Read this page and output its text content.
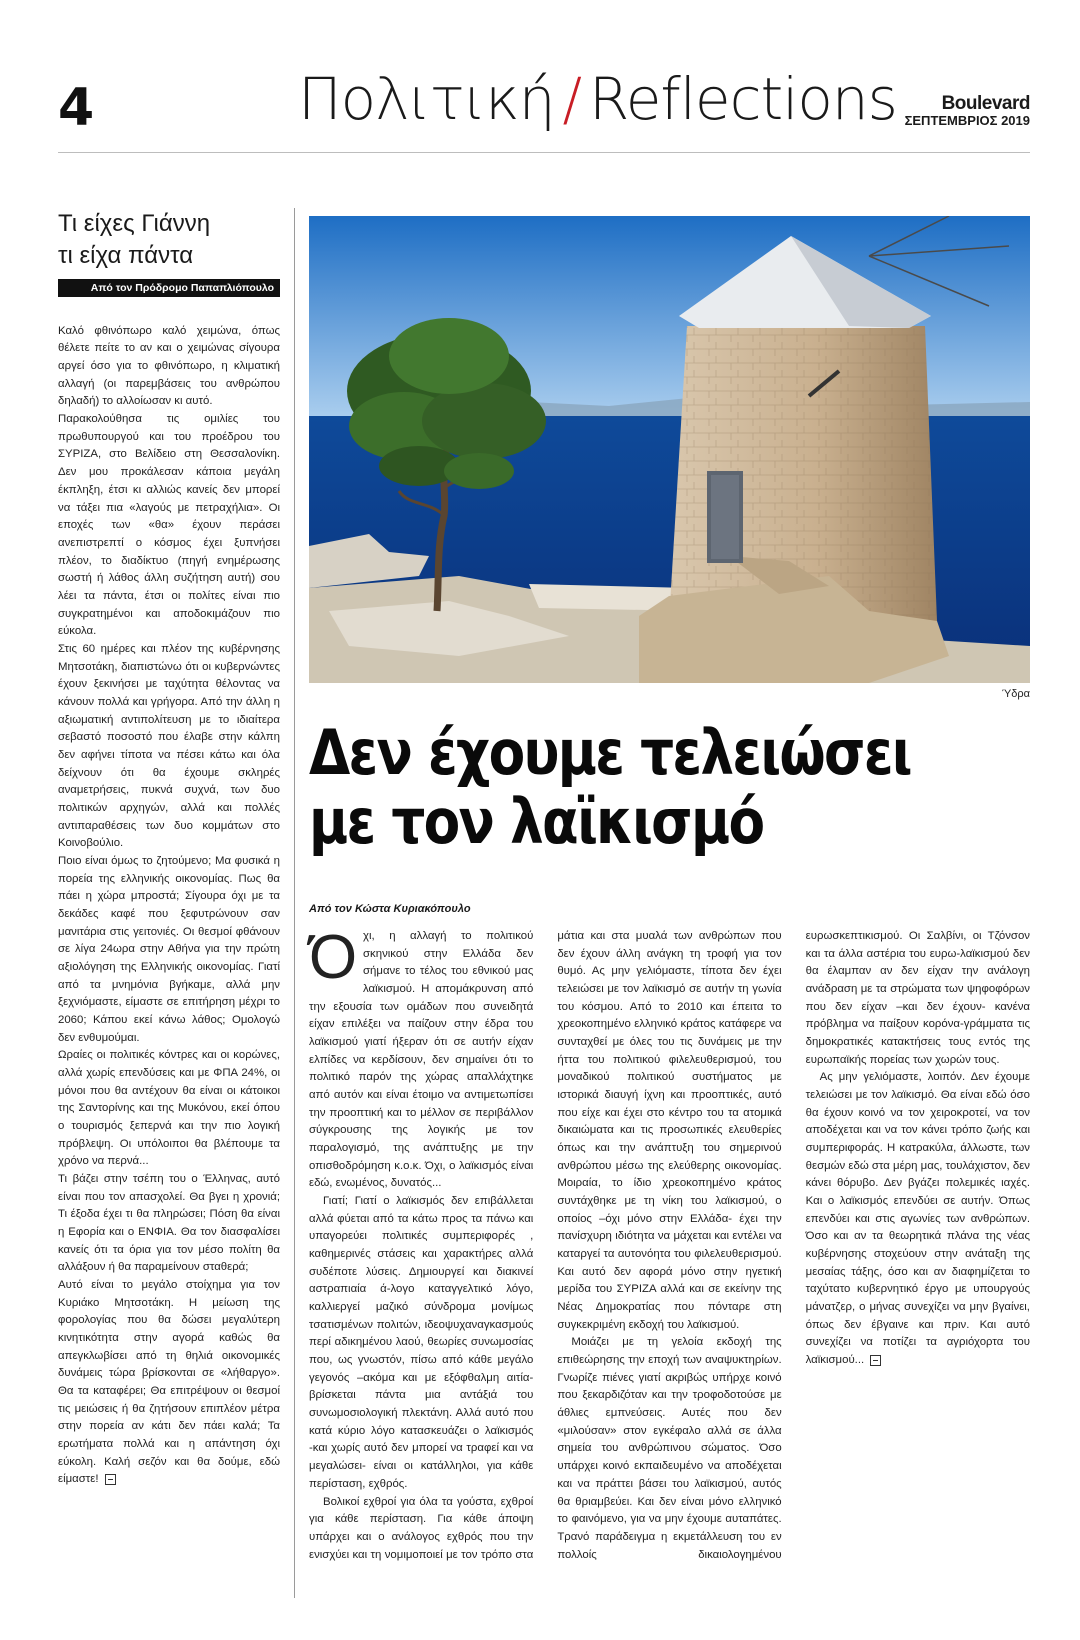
4	Πολιτική / Reflections	Boulevard
ΣΕΠΤΕΜΒΡΙΟΣ 2019
Τι είχες Γιάννη
τι είχα πάντα
Από τον Πρόδρομο Παπαπλιόπουλο

Καλό φθινόπωρο καλό χειμώνα, όπως θέλετε πείτε το αν και ο χειμώνας σίγουρα αργεί όσο για το φθινόπωρο, η κλιματική αλλαγή (οι παρεμβάσεις του ανθρώπου δηλαδή) το αλλοίωσαν κι αυτό.

Παρακολούθησα τις ομιλίες του πρωθυπουργού και του προέδρου του ΣΥΡΙΖΑ, στο Βελίδειο στη Θεσσαλονίκη. Δεν μου προκάλεσαν κάποια μεγάλη έκπληξη, έτσι κι αλλιώς κανείς δεν μπορεί να τάξει πια «λαγούς με πετραχήλια». Οι εποχές των «θα» έχουν περάσει ανεπιστρεπτί ο κόσμος έχει ξυπνήσει πλέον, το διαδίκτυο (πηγή ενημέρωσης σωστή ή λάθος άλλη συζήτηση αυτή) σου λέει τα πάντα, έτσι οι πολίτες είναι πιο συγκρατημένοι και αποδοκιμάζουν πιο εύκολα.

Στις 60 ημέρες και πλέον της κυβέρνησης Μητσοτάκη, διαπιστώνω ότι οι κυβερνώντες έχουν ξεκινήσει με ταχύτητα θέλοντας να κάνουν πολλά και γρήγορα. Από την άλλη η αξιωματική αντιπολίτευση με το ιδιαίτερα σεβαστό ποσοστό που έλαβε στην κάλπη δεν αφήνει τίποτα να πέσει κάτω και όλα δείχνουν ότι θα έχουμε σκληρές αναμετρήσεις, πυκνά συχνά, των δυο πολιτικών αρχηγών, αλλά και πολλές αντιπαραθέσεις των δυο κομμάτων στο Κοινοβούλιο.

Ποιο είναι όμως το ζητούμενο; Μα φυσικά η πορεία της ελληνικής οικονομίας. Πως θα πάει η χώρα μπροστά; Σίγουρα όχι με τα δεκάδες καφέ που ξεφυτρώνουν σαν μανιτάρια στις γειτονιές. Οι θεσμοί φθάνουν σε λίγα 24ωρα στην Αθήνα για την πρώτη αξιολόγηση της Ελληνικής οικονομίας. Γιατί από τα μνημόνια βγήκαμε, αλλά μην ξεχνιόμαστε, είμαστε σε επιτήρηση μέχρι το 2060; Κάπου εκεί κάνω λάθος; Ομολογώ δεν ενθυμούμαι.

Ωραίες οι πολιτικές κόντρες και οι κορώνες, αλλά χωρίς επενδύσεις και με ΦΠΑ 24%, οι μόνοι που θα αντέχουν θα είναι οι κάτοικοι της Σαντορίνης και της Μυκόνου, εκεί όπου ο τουρισμός ξεπερνά και την πιο λογική πρόβλεψη. Οι υπόλοιποι θα βλέπουμε τα χρόνο να περνά...

Τι βάζει στην τσέπη του ο Έλληνας, αυτό είναι που τον απασχολεί. Θα βγει η χρονιά; Τι έξοδα έχει τι θα πληρώσει; Πόση θα είναι η Εφορία και ο ΕΝΦΙΑ. Θα τον διασφαλίσει κανείς ότι τα όρια για τον μέσο πολίτη θα αλλάξουν ή θα παραμείνουν σταθερά;

Αυτό είναι το μεγάλο στοίχημα για τον Κυριάκο Μητσοτάκη. Η μείωση της φορολογίας που θα δώσει μεγαλύτερη κινητικότητα στην αγορά καθώς θα απεγκλωβίσει από τη θηλιά οικονομικές δυνάμεις τώρα βρίσκονται σε «λήθαργο». Θα τα καταφέρει; Θα επιτρέψουν οι θεσμοί τις μειώσεις ή θα ζητήσουν επιπλέον μέτρα στην πορεία αν κάτι δεν πάει καλά; Τα ερωτήματα πολλά και η απάντηση όχι εύκολη. Καλή σεζόν και θα δούμε, εδώ είμαστε!

Ύδρα
Δεν έχουμε τελειώσει
με τον λαϊκισμό
Από τον Κώστα Κυριακόπουλο

Όχι, η αλλαγή το πολιτικού σκηνικού στην Ελλάδα δεν σήμανε το τέλος του εθνικού μας λαϊκισμού. Η απομάκρυνση από την εξουσία των ομάδων που συνειδητά είχαν επιλέξει να παίζουν στην έδρα του λαϊκισμού γιατί ήξεραν ότι σε αυτήν είχαν ελπίδες να κερδίσουν, δεν σημαίνει ότι το πολιτικό παρόν της χώρας απαλλάχτηκε από αυτόν και είναι έτοιμο να αντιμετωπίσει την προοπτική και το μέλλον σε περιβάλλον σύγκρουσης της λογικής με τον παραλογισμό, της ανάπτυξης με την οπισθοδρόμηση κ.ο.κ. Όχι, ο λαϊκισμός είναι εδώ, ενωμένος, δυνατός...

Γιατί; Γιατί ο λαϊκισμός δεν επιβάλλεται αλλά φύεται από τα κάτω προς τα πάνω και υπαγορεύει πολιτικές συμπεριφορές , καθημερινές στάσεις και χαρακτήρες αλλά συδέποτε λύσεις. Δημιουργεί και διακινεί αστραπιαία ά-λογο καταγγελτικό λόγο, καλλιεργεί μαζικό σύνδρομα μονίμως τσατισμένων πολιτών, ιδεοψυχαναγκασμούς περί αδικημένου λαού, θεωρίες συνωμοσίας που, ως γνωστόν, πίσω από κάθε μεγάλο γεγονός –ακόμα και με εξόφθαλμη αιτία- βρίσκεται πάντα μια αντάξιά του συνωμοσιολογική πλεκτάνη. Αλλά αυτό που κατά κύριο λόγο κατασκευάζει ο λαϊκισμός -και χωρίς αυτό δεν μπορεί να τραφεί και να μεγαλώσει- είναι οι κατάλληλοι, για κάθε περίσταση, εχθρός.

Βολικοί εχθροί για όλα τα γούστα, εχθροί για κάθε περίσταση. Για κάθε άποψη υπάρχει και ο ανάλογος εχθρός που την ενισχύει και τη νομιμοποιεί με τον τρόπο στα μάτια και στα μυαλά των ανθρώπων που δεν έχουν άλλη ανάγκη τη τροφή για τον θυμό. Ας μην γελιόμαστε, τίποτα δεν έχει τελειώσει με τον λαϊκισμό σε αυτήν τη γωνία του κόσμου. Από το 2010 και έπειτα το χρεοκοπημένο ελληνικό κράτος κατάφερε να συνταχθεί με όλες του τις δυνάμεις με την ήττα του πολιτικού φιλελευθερισμού, του μοναδικού πολιτικού συστήματος με ιστορικά διαυγή ίχνη και προοπτικές, αυτό που είχε και έχει στο κέντρο του τα ατομικά δικαιώματα και τις προσωπικές ελευθερίες όπως και την ανάπτυξη του σημερινού ανθρώπου μέσω της ελεύθερης οικονομίας. Μοιραία, το ίδιο χρεοκοπημένο κράτος συντάχθηκε με τη νίκη του λαϊκισμού, ο οποίος –όχι μόνο στην Ελλάδα- έχει την πανίσχυρη ιδιότητα να μάχεται και εντέλει να καταργεί τα αυτονόητα του φιλελευθερισμού. Και αυτό δεν αφορά μόνο στην ηγετική μερίδα του ΣΥΡΙΖΑ αλλά και σε εκείνην της Νέας Δημοκρατίας που πόνταρε στη συγκεκριμένη εκδοχή του λαϊκισμού.

Μοιάζει με τη γελοία εκδοχή της επιθεώρησης την εποχή των αναψυκτηρίων. Γνωρίζε πιένες γιατί ακριβώς υπήρχε κοινό που ξεκαρδιζόταν και την τροφοδοτούσε με άθλιες εμπνεύσεις. Αυτές που δεν «μιλούσαν» στον εγκέφαλο αλλά σε άλλα σημεία του ανθρώπινου σώματος. Όσο υπάρχει κοινό εκπαιδευμένο να αποδέχεται και να πράττει βάσει του λαϊκισμού, αυτός θα θριαμβεύει. Και δεν είναι μόνο ελληνικό το φαινόμενο, για να μην έχουμε αυταπάτες. Τρανό παράδειγμα η εκμετάλλευση του εν πολλοίς δικαιολογημένου ευρωσκεπτικισμού. Οι Σαλβίνι, οι Τζόνσον και τα άλλα αστέρια του ευρω-λαϊκισμού δεν θα έλαμπαν αν δεν είχαν την ανάλογη ανάδραση με τα στρώματα των ψηφοφόρων που δεν είχαν –και δεν έχουν- κανένα πρόβλημα να παίξουν κορόνα-γράμματα τις δημοκρατικές κατακτήσεις τους εντός της ευρωπαϊκής πορείας των χωρών τους.

Ας μην γελιόμαστε, λοιπόν. Δεν έχουμε τελειώσει με τον λαϊκισμό. Θα είναι εδώ όσο θα έχουν κοινό να τον χειροκροτεί, να τον αποδέχεται και να τον κάνει τρόπο ζωής και συμπεριφοράς. Η κατρακύλα, άλλωστε, των θεσμών εδώ στα μέρη μας, τουλάχιστον, δεν κάνει θόρυβο. Δεν βγάζει πολεμικές ιαχές. Και ο λαϊκισμός επενδύει σε αυτήν. Όπως επενδύει και στις αγωνίες των ανθρώπων. Όσο και αν τα θεωρητικά πλάνα της νέας κυβέρνησης στοχεύουν στην ανάταξη της μεσαίας τάξης, όσο και αν διαφημίζεται το ταχύτατο κυβερνητικό έργο με υπουργούς μάνατζερ, ο μήνας συνεχίζει να μην βγαίνει, όπως δεν έβγαινε και πριν. Και αυτό συνεχίζει να ποτίζει τα αγριόχορτα του λαϊκισμού...
